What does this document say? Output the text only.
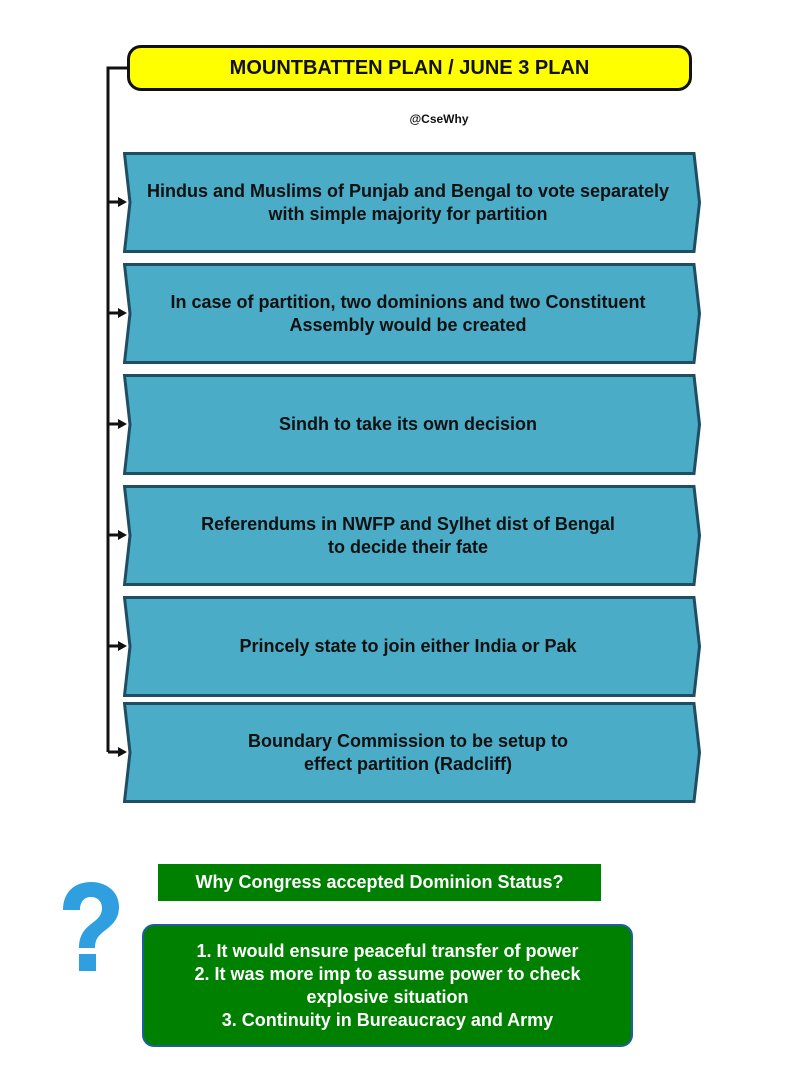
MOUNTBATTEN PLAN / JUNE 3 PLAN
@CseWhy
Hindus and Muslims of Punjab and Bengal to vote separately
with simple majority for partition
In case of partition, two dominions and two Constituent
Assembly would be created
Sindh to take its own decision
Referendums in NWFP and Sylhet dist of Bengal
to decide their fate
Princely state to join either India or Pak
Boundary Commission to be setup to
effect partition (Radcliff)
Why Congress accepted Dominion Status?
1. It would ensure peaceful transfer of power
2. It was more imp to assume power to check
explosive situation
3. Continuity in Bureaucracy and Army
